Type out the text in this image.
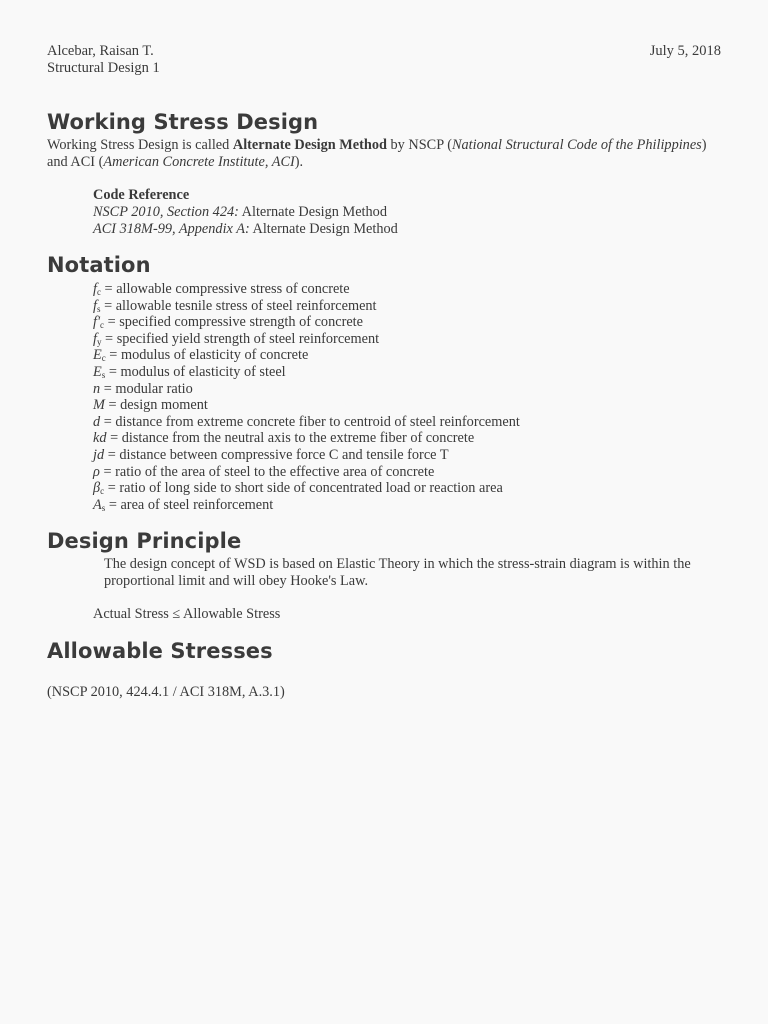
Alcebar, Raisan T.
Structural Design 1
July 5, 2018
Working Stress Design
Working Stress Design is called Alternate Design Method by NSCP (National Structural Code of the Philippines) and ACI (American Concrete Institute, ACI).
Code Reference
NSCP 2010, Section 424: Alternate Design Method
ACI 318M-99, Appendix A: Alternate Design Method
Notation
$f_c$ = allowable compressive stress of concrete
$f_s$ = allowable tesnile stress of steel reinforcement
$f'_c$ = specified compressive strength of concrete
$f_y$ = specified yield strength of steel reinforcement
$E_c$ = modulus of elasticity of concrete
$E_s$ = modulus of elasticity of steel
n = modular ratio
M = design moment
d = distance from extreme concrete fiber to centroid of steel reinforcement
kd = distance from the neutral axis to the extreme fiber of concrete
jd = distance between compressive force C and tensile force T
ρ = ratio of the area of steel to the effective area of concrete
$\beta_c$ = ratio of long side to short side of concentrated load or reaction area
$A_s$ = area of steel reinforcement
Design Principle
The design concept of WSD is based on Elastic Theory in which the stress-strain diagram is within the proportional limit and will obey Hooke's Law.
Actual Stress ≤ Allowable Stress
Allowable Stresses
(NSCP 2010, 424.4.1 / ACI 318M, A.3.1)
